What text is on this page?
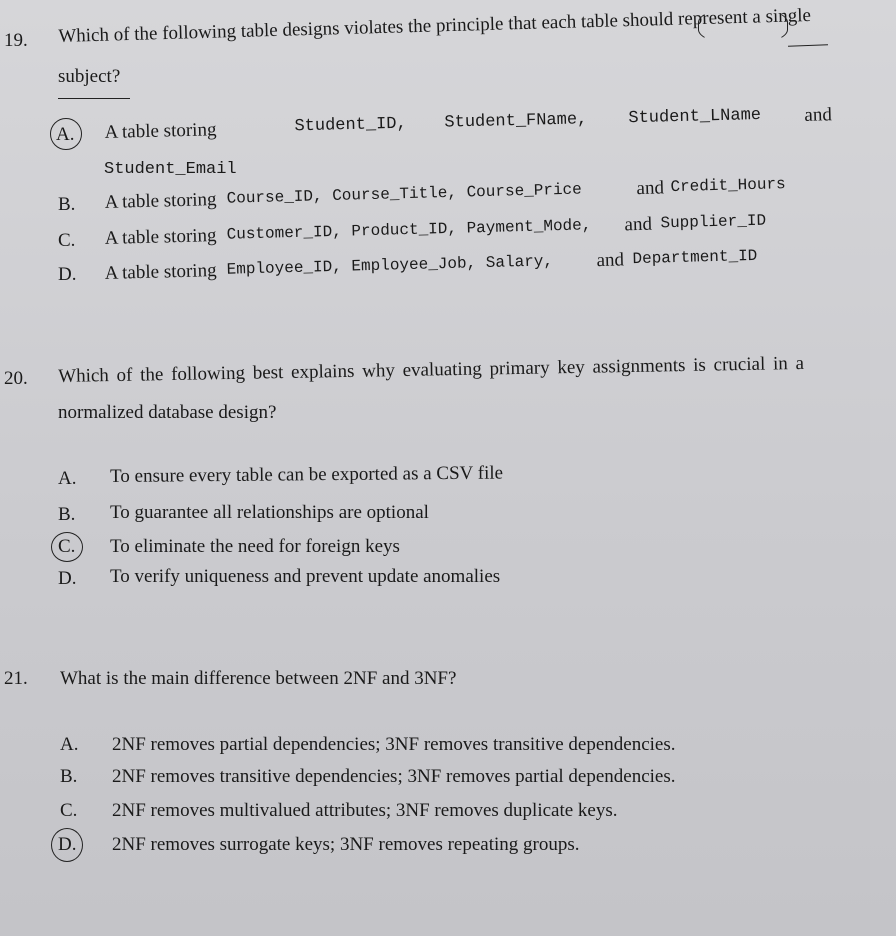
19. Which of the following table designs violates the principle that each table should represent a single
subject?
A. A table storing	Student_ID, Student_FName, Student_LName and
Student_Email
B. A table storing Course_ID, Course_Title, Course_Price	and Credit_Hours
C. A table storing Customer_ID, Product_ID, Payment_Mode, and Supplier_ID
D. A table storing Employee_ID, Employee_Job, Salary, and Department_ID
20. Which of the following best explains why evaluating primary key assignments is crucial in a
normalized database design?
A. To ensure every table can be exported as a CSV file
B. To guarantee all relationships are optional
C. To eliminate the need for foreign keys
D. To verify uniqueness and prevent update anomalies
21. What is the main difference between 2NF and 3NF?
A. 2NF removes partial dependencies; 3NF removes transitive dependencies.
B. 2NF removes transitive dependencies; 3NF removes partial dependencies.
C. 2NF removes multivalued attributes; 3NF removes duplicate keys.
D. 2NF removes surrogate keys; 3NF removes repeating groups.
